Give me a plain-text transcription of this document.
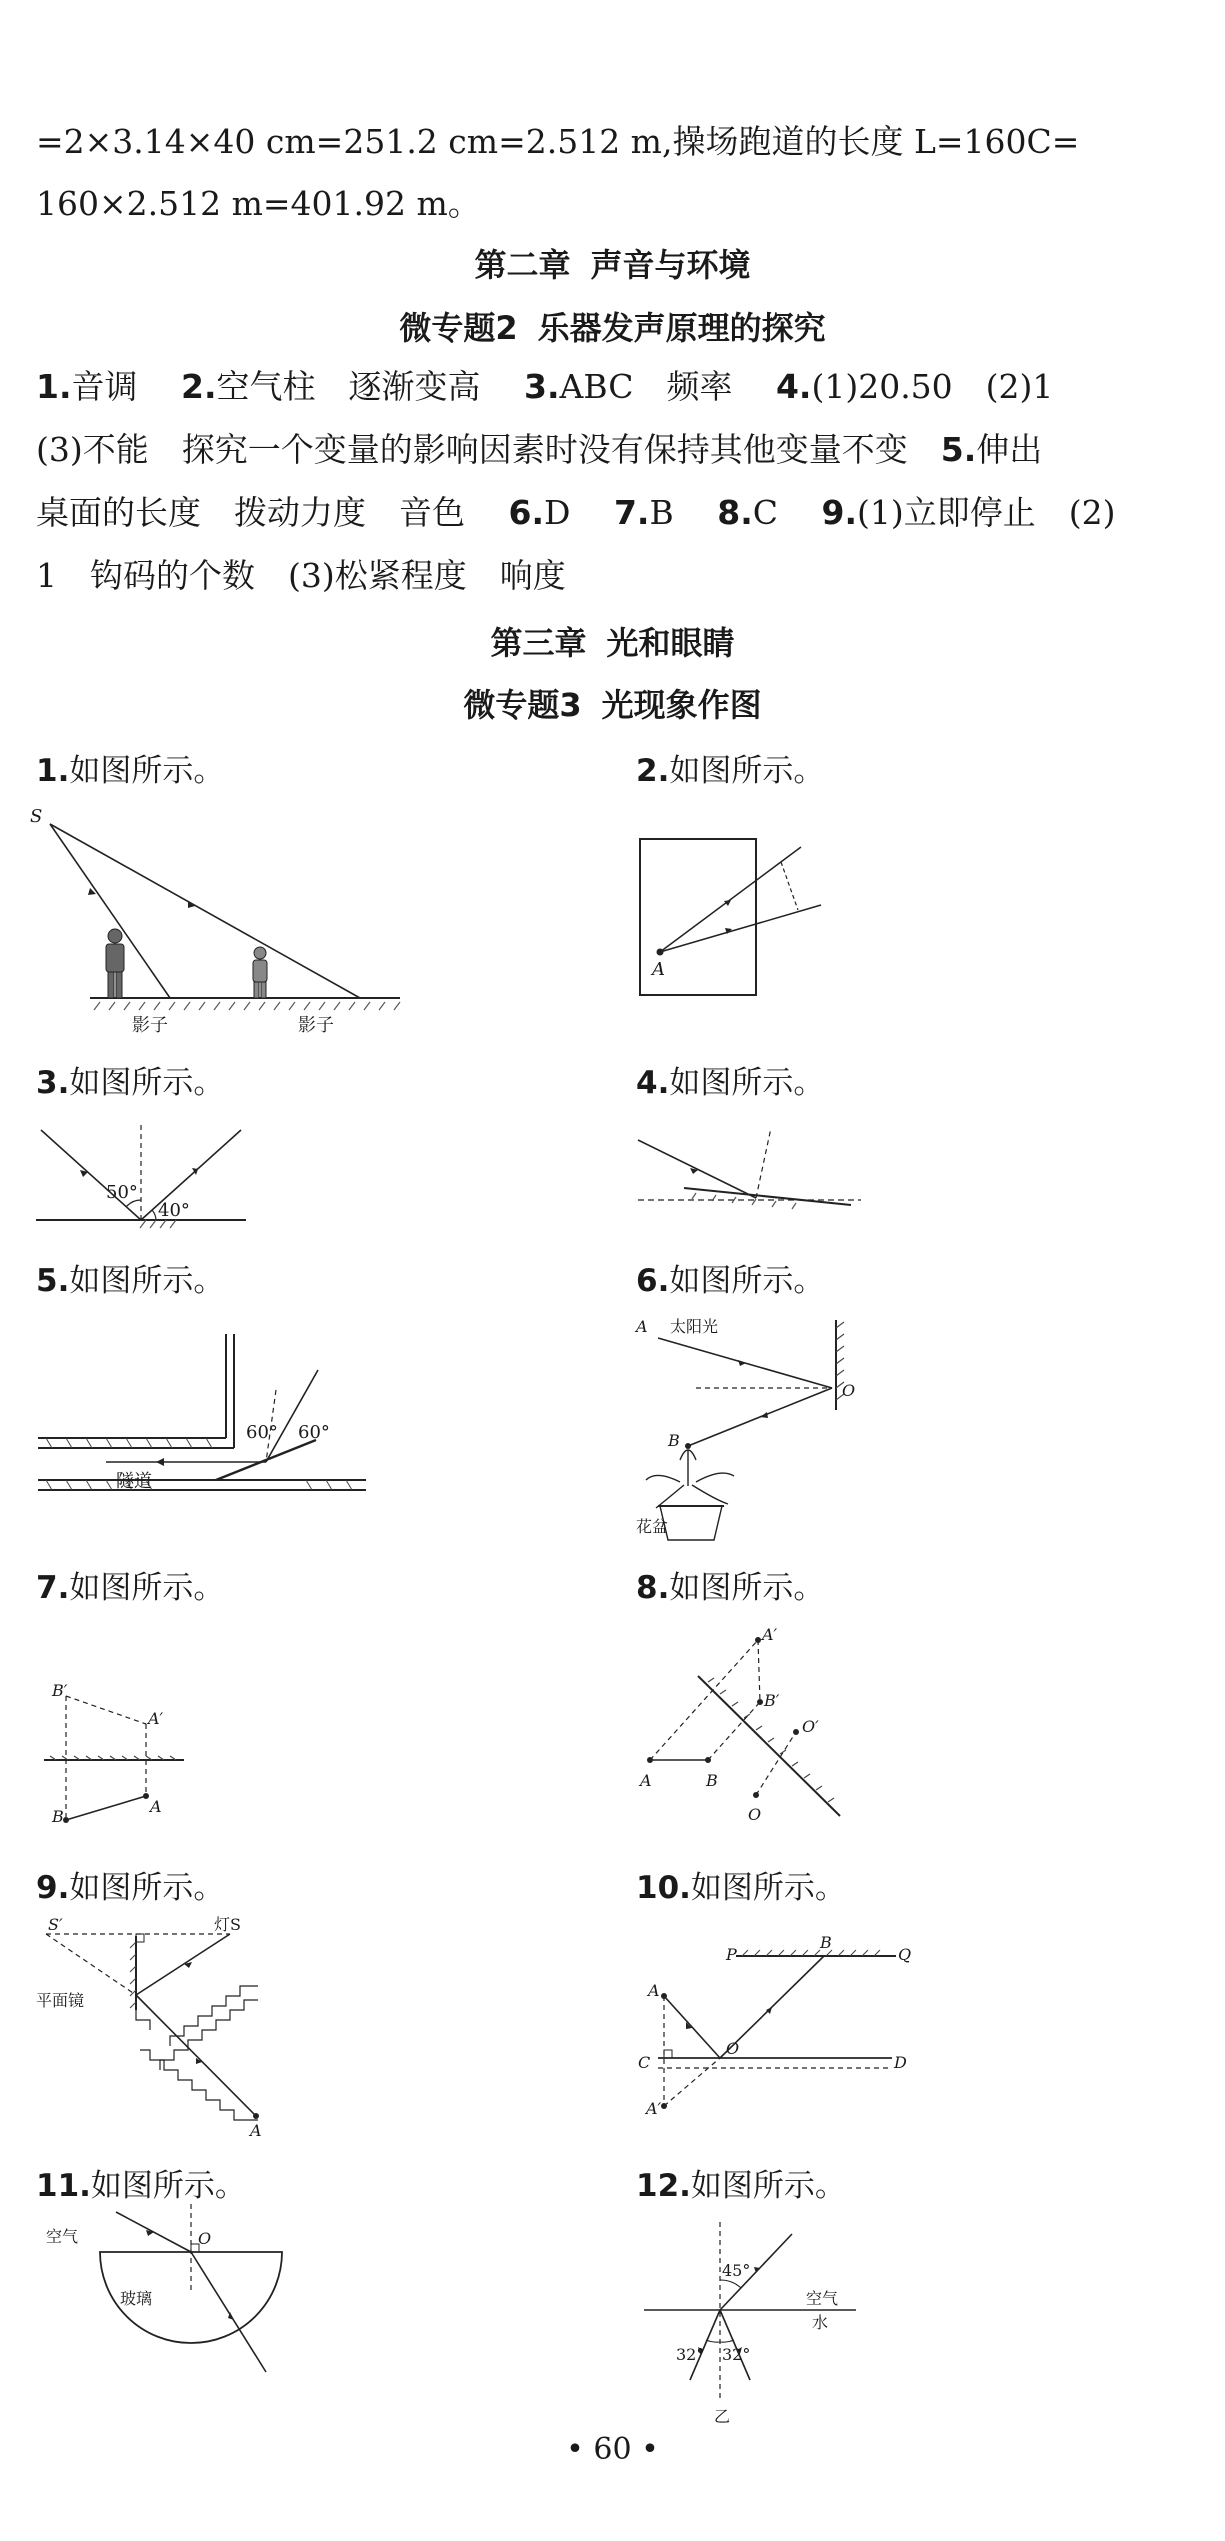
=2×3.14×40 cm=251.2 cm=2.512 m,操场跑道的长度 L=160C=
160×2.512 m=401.92 m。
第二章 声音与环境
微专题2 乐器发声原理的探究
1.音调　 2.空气柱　逐渐变高　 3.ABC　频率　 4.(1)20.50　(2)1
(3)不能　探究一个变量的影响因素时没有保持其他变量不变　 5.伸出
桌面的长度　拨动力度　音色　 6.D　 7.B　 8.C　 9.(1)立即停止　(2)
1　钩码的个数　(3)松紧程度　响度
第三章 光和眼睛
微专题3 光现象作图
1.如图所示。	2.如图所示。
3.如图所示。	4.如图所示。
5.如图所示。	6.如图所示。
7.如图所示。	8.如图所示。
9.如图所示。	10.如图所示。
11.如图所示。	12.如图所示。
S
影子	影子
A
50°
40°
60° 60°
隧道
A 太阳光
O
B
花盆
B′
A′
B
A
A′
B′
O′
A	B
O
S′	灯S
平面镜
A
P
B
Q
A
C
O
D
A′
空气	O
玻璃
45°
空气
水
32° 32°
乙
• 60 •
